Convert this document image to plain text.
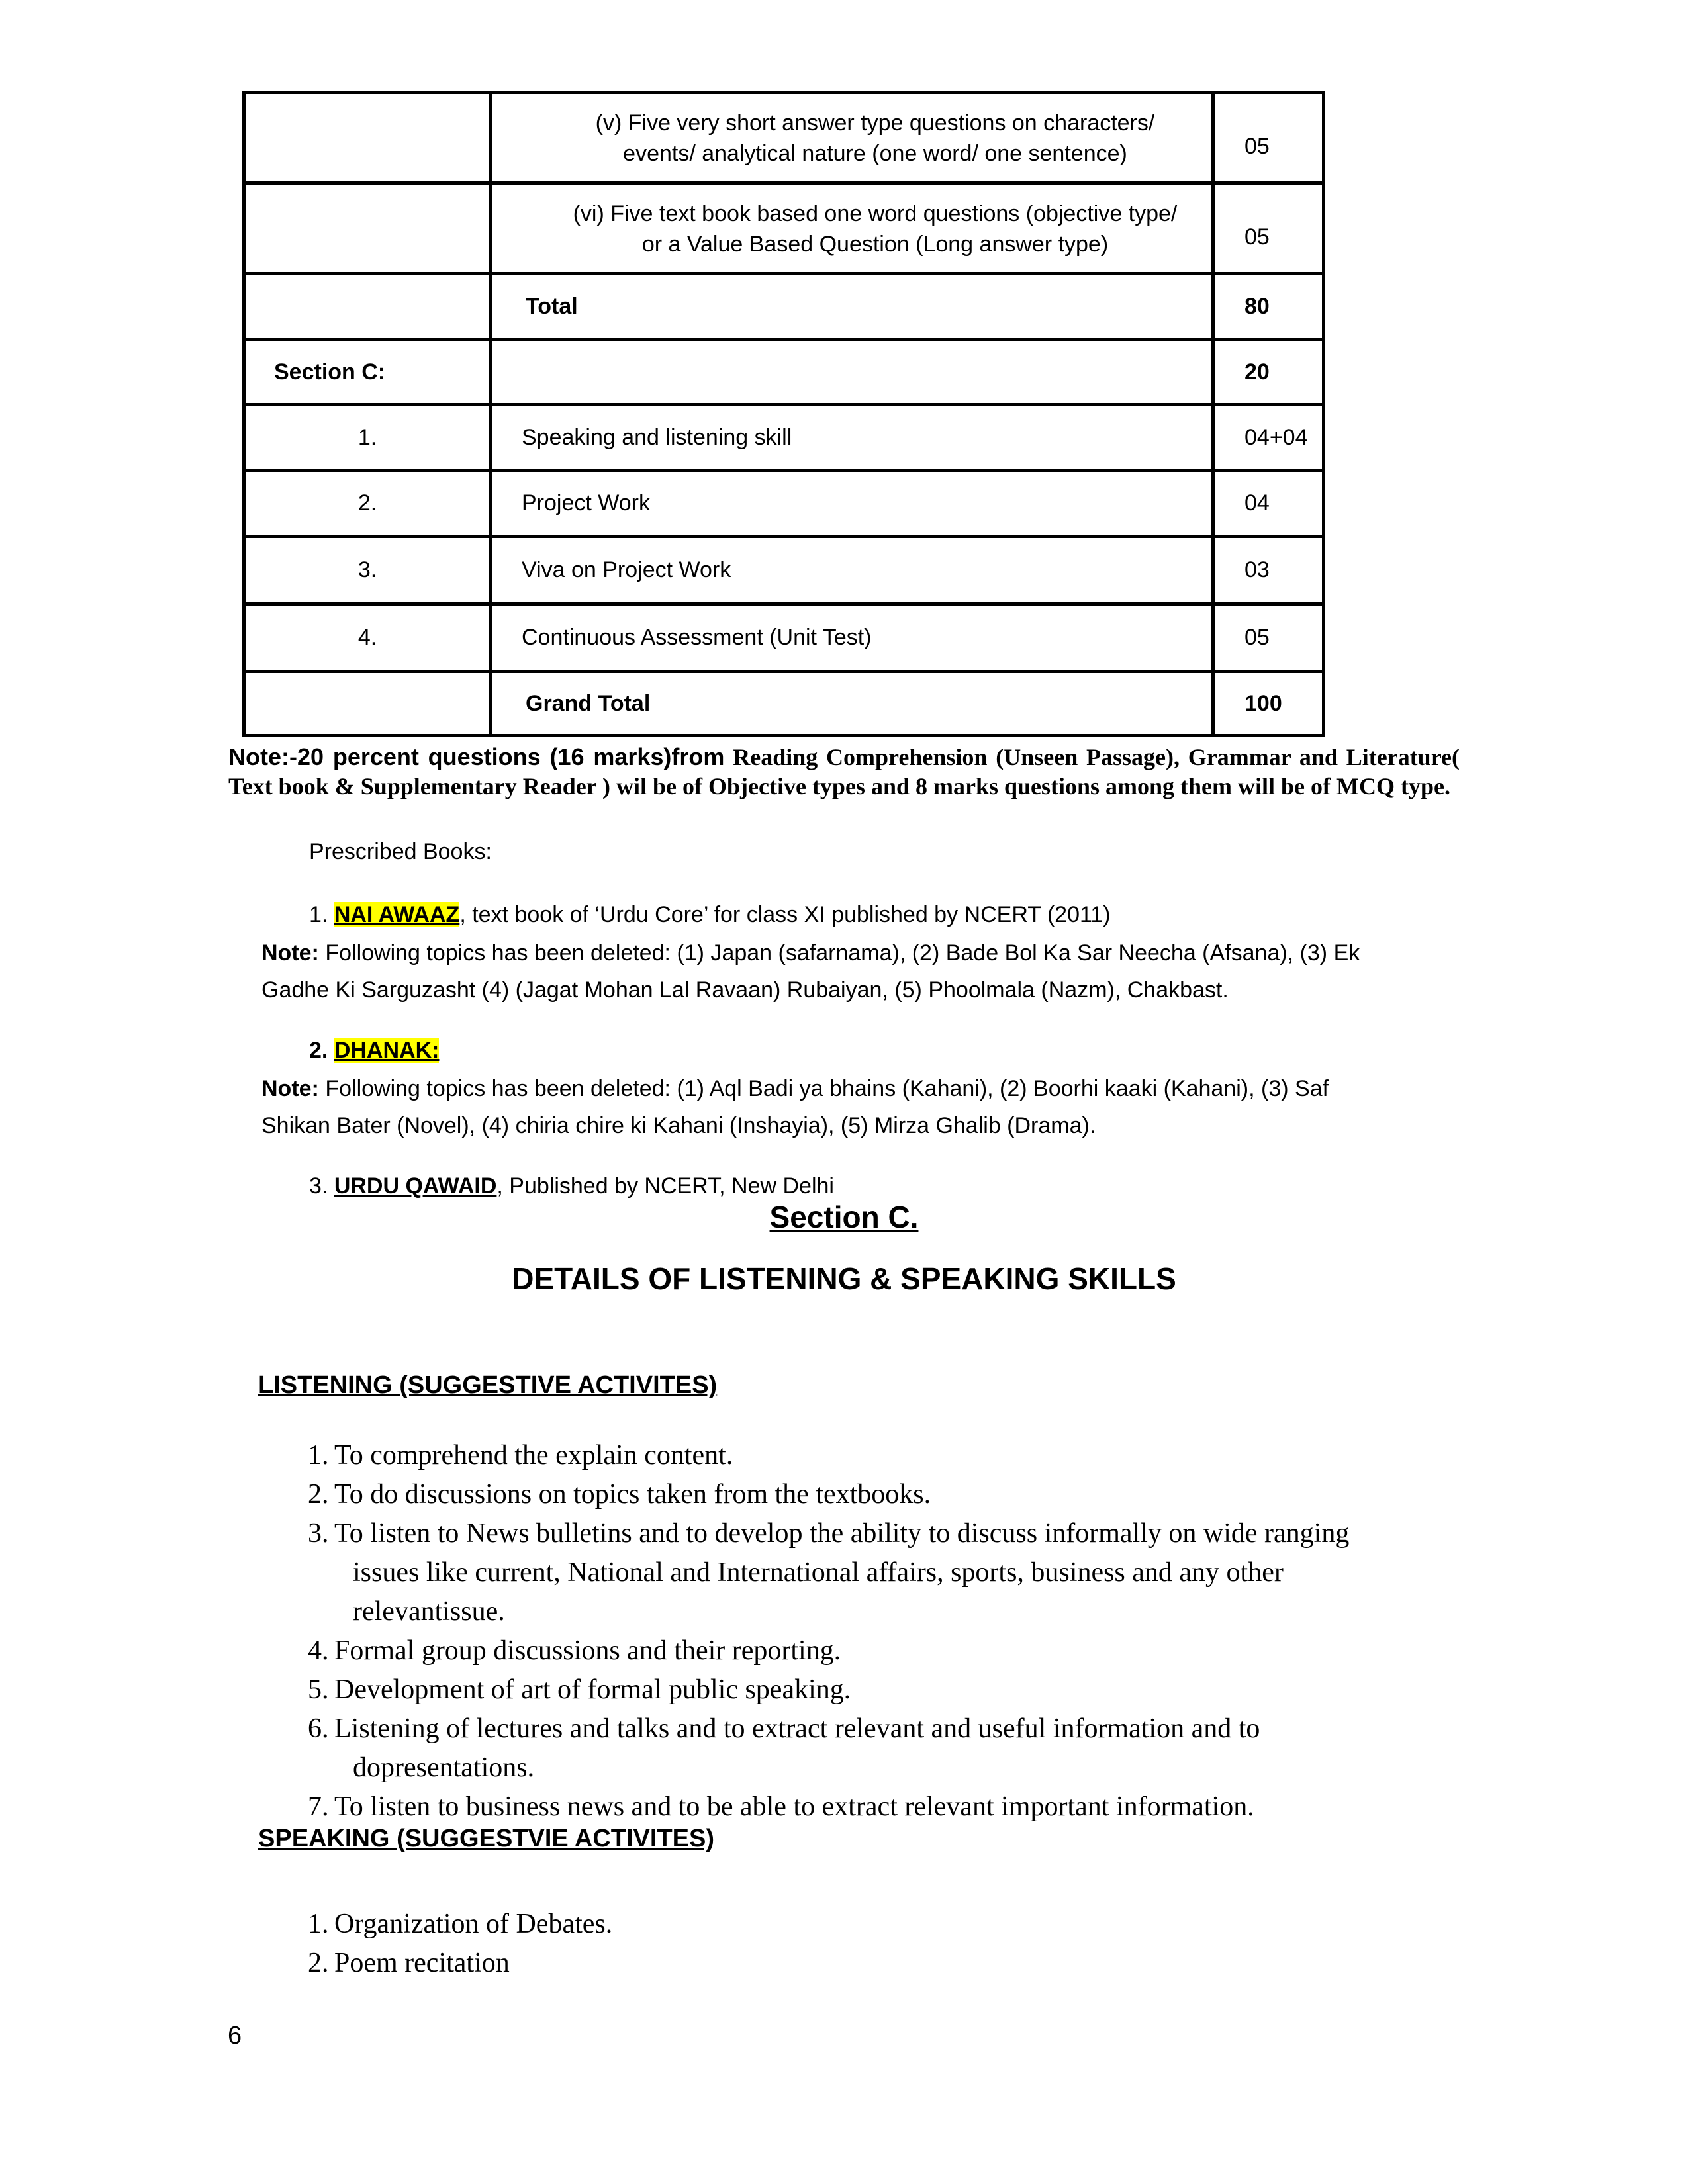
	(v) Five very short answer type questions on characters/ events/ analytical nature (one word/ one sentence)	05
	(vi) Five text book based one word questions (objective type/ or a Value Based Question (Long answer type)	05
	Total	80
Section C:		20
1.	Speaking and listening skill	04+04
2.	Project Work	04
3.	Viva on Project Work	03
4.	Continuous Assessment (Unit Test)	05
	Grand Total	100
Note:-20 percent questions (16 marks)from Reading Comprehension (Unseen Passage), Grammar and Literature( Text book & Supplementary Reader ) wil be of Objective types and 8 marks questions among them will be of MCQ type.
Prescribed Books:
1. NAI AWAAZ, text book of ‘Urdu Core’ for class XI published by NCERT (2011)
Note: Following topics has been deleted: (1) Japan (safarnama), (2) Bade Bol Ka Sar Neecha (Afsana), (3) Ek
Gadhe Ki Sarguzasht (4) (Jagat Mohan Lal Ravaan) Rubaiyan, (5) Phoolmala (Nazm), Chakbast.
2. DHANAK:
Note: Following topics has been deleted: (1) Aql Badi ya bhains (Kahani), (2) Boorhi kaaki (Kahani), (3) Saf
Shikan Bater (Novel), (4) chiria chire ki Kahani (Inshayia), (5) Mirza Ghalib (Drama).
3. URDU QAWAID, Published by NCERT, New Delhi
Section C.
DETAILS OF LISTENING & SPEAKING SKILLS
LISTENING (SUGGESTIVE ACTIVITES)
1. To comprehend the explain content.
2. To do discussions on topics taken from the textbooks.
3. To listen to News bulletins and to develop the ability to discuss informally on wide ranging
issues like current, National and International affairs, sports, business and any other
relevantissue.
4. Formal group discussions and their reporting.
5. Development of art of formal public speaking.
6. Listening of lectures and talks and to extract relevant and useful information and to
dopresentations.
7. To listen to business news and to be able to extract relevant important information.
SPEAKING (SUGGESTVIE ACTIVITES)
1. Organization of Debates.
2. Poem recitation
6
